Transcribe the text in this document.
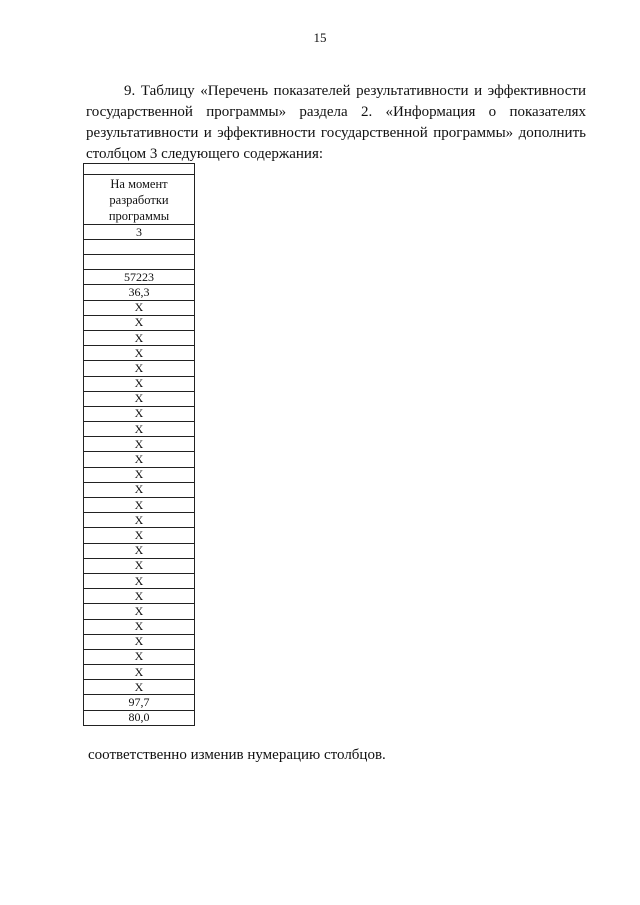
15

9. Таблицу «Перечень показателей результативности и эффективности государственной программы» раздела 2. «Информация о показателях результативности и эффективности государственной программы» дополнить столбцом 3 следующего содержания:

На момент разработки программы
3

57223
36,3
X
X
X
X
X
X
X
X
X
X
X
X
X
X
X
X
X
X
X
X
X
X
X
X
X
X
97,7
80,0
соответственно изменив нумерацию столбцов.
